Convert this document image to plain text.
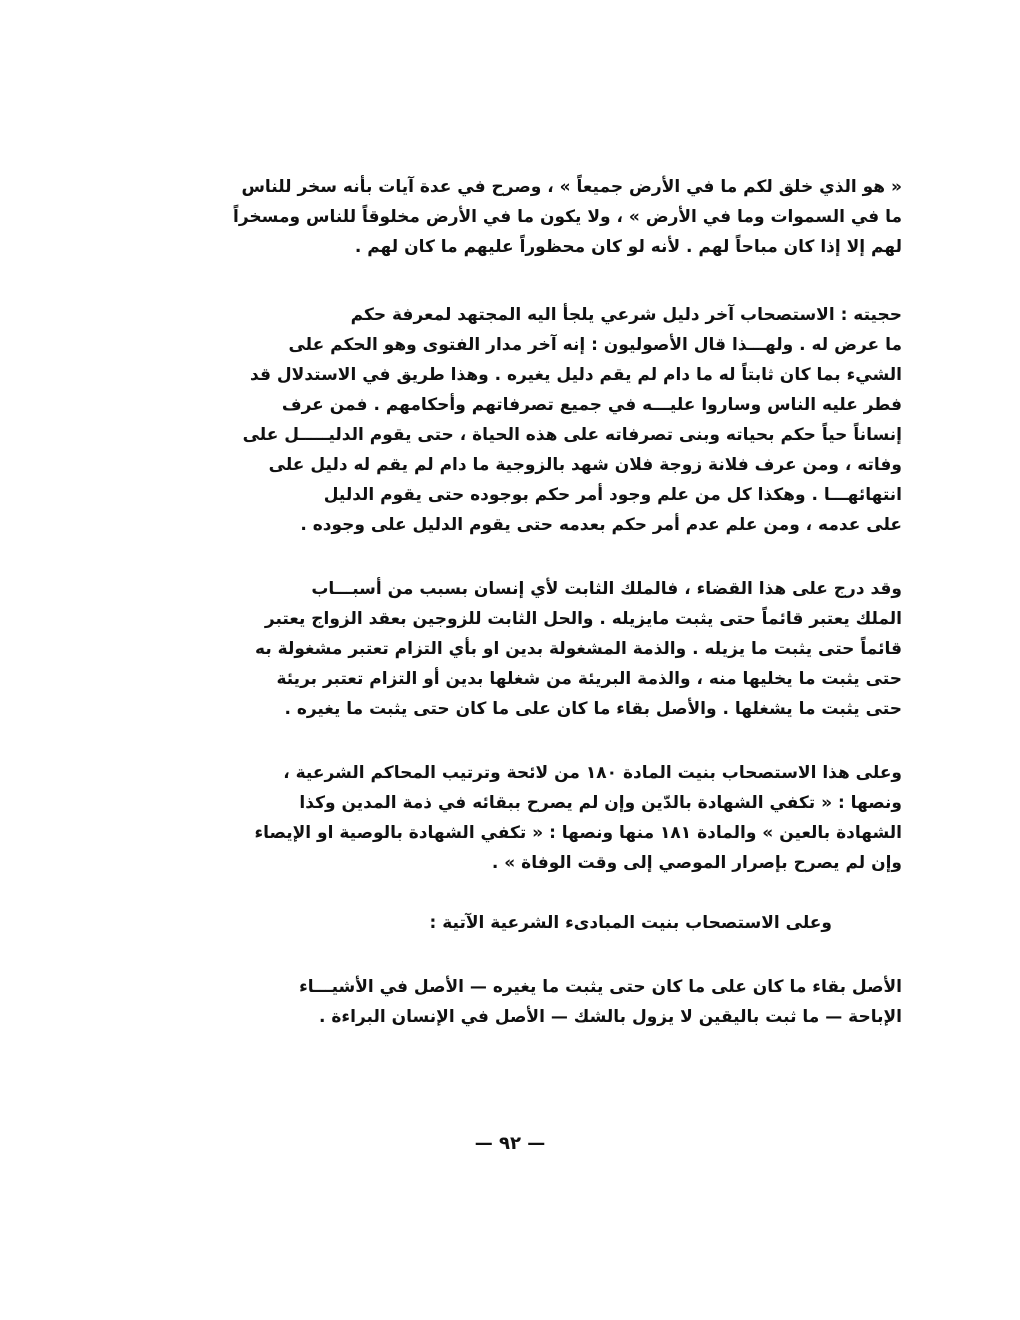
« هو الذي خلق لكم ما في الأرض جميعاً » ، وصرح في عدة آيات بأنه سخر للناس
ما في السموات وما في الأرض » ، ولا يكون ما في الأرض مخلوقاً للناس ومسخراً
لهم إلا إذا كان مباحاً لهم . لأنه لو كان محظوراً عليهم ما كان لهم .

حجيته : الاستصحاب آخر دليل شرعي يلجأ اليه المجتهد لمعرفة حكم
ما عرض له . ولهـــذا قال الأصوليون : إنه آخر مدار الفتوى وهو الحكم على
الشيء بما كان ثابتاً له ما دام لم يقم دليل يغيره . وهذا طريق في الاستدلال قد
فطر عليه الناس وساروا عليـــه في جميع تصرفاتهم وأحكامهم . فمن عرف
إنساناً حياً حكم بحياته وبنى تصرفاته على هذه الحياة ، حتى يقوم الدليـــــل على
وفاته ، ومن عرف فلانة زوجة فلان شهد بالزوجية ما دام لم يقم له دليل على
انتهائهـــا . وهكذا كل من علم وجود أمر حكم بوجوده حتى يقوم الدليل
على عدمه ، ومن علم عدم أمر حكم بعدمه حتى يقوم الدليل على وجوده .

وقد درج على هذا القضاء ، فالملك الثابت لأي إنسان بسبب من أسبـــاب
الملك يعتبر قائماً حتى يثبت مايزيله . والحل الثابت للزوجين بعقد الزواج يعتبر
قائماً حتى يثبت ما يزيله . والذمة المشغولة بدين او بأي التزام تعتبر مشغولة به
حتى يثبت ما يخليها منه ، والذمة البريئة من شغلها بدين أو التزام تعتبر بريئة
حتى يثبت ما يشغلها . والأصل بقاء ما كان على ما كان حتى يثبت ما يغيره .

وعلى هذا الاستصحاب بنيت المادة ١٨٠ من لائحة وترتيب المحاكم الشرعية ،
ونصها : « تكفي الشهادة بالدّين وإن لم يصرح ببقائه في ذمة المدين وكذا
الشهادة بالعين » والمادة ١٨١ منها ونصها : « تكفي الشهادة بالوصية او الإيصاء
وإن لم يصرح بإصرار الموصي إلى وقت الوفاة » .

وعلى الاستصحاب بنيت المبادىء الشرعية الآتية :

الأصل بقاء ما كان على ما كان حتى يثبت ما يغيره — الأصل في الأشيـــاء
الإباحة — ما ثبت باليقين لا يزول بالشك — الأصل في الإنسان البراءة .

— ٩٢ —
